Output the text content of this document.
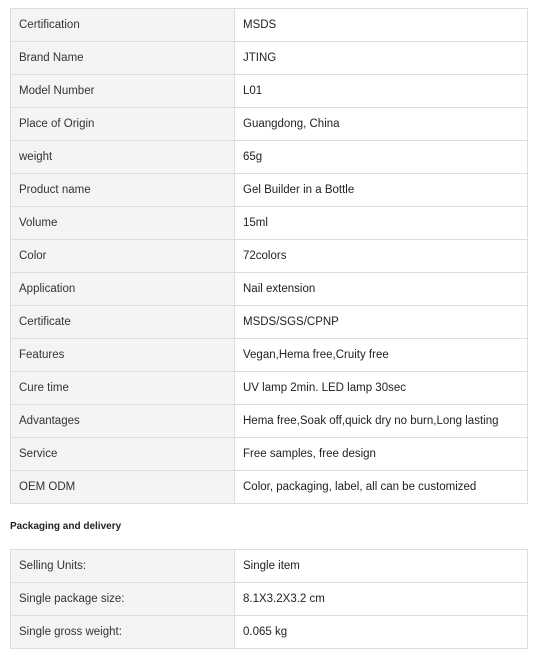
Certification	MSDS
Brand Name	JTING
Model Number	L01
Place of Origin	Guangdong, China
weight	65g
Product name	Gel Builder in a Bottle
Volume	15ml
Color	72colors
Application	Nail extension
Certificate	MSDS/SGS/CPNP
Features	Vegan,Hema free,Cruity free
Cure time	UV lamp 2min. LED lamp 30sec
Advantages	Hema free,Soak off,quick dry no burn,Long lasting
Service	Free samples, free design
OEM ODM	Color, packaging, label, all can be customized
Packaging and delivery
Selling Units:	Single item
Single package size:	8.1X3.2X3.2 cm
Single gross weight:	0.065 kg
